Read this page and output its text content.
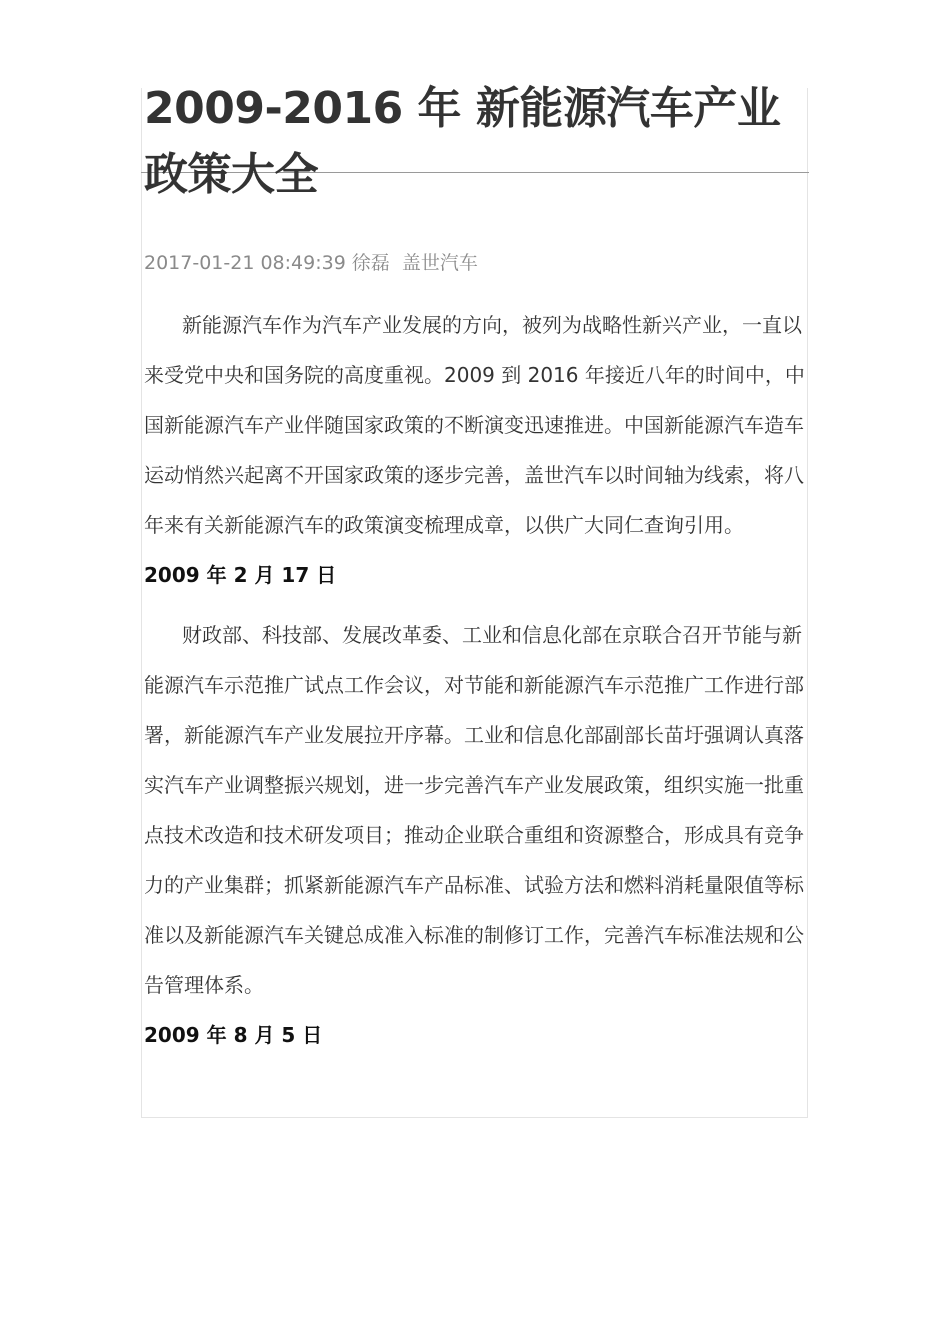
2009-2016 年 新能源汽车产业政策大全
2017-01-21 08:49:39 徐磊 盖世汽车

新能源汽车作为汽车产业发展的方向，被列为战略性新兴产业，一直以来受党中央和国务院的高度重视。2009 到 2016 年接近八年的时间中，中国新能源汽车产业伴随国家政策的不断演变迅速推进。中国新能源汽车造车运动悄然兴起离不开国家政策的逐步完善，盖世汽车以时间轴为线索，将八年来有关新能源汽车的政策演变梳理成章，以供广大同仁查询引用。

2009 年 2 月 17 日

财政部、科技部、发展改革委、工业和信息化部在京联合召开节能与新能源汽车示范推广试点工作会议，对节能和新能源汽车示范推广工作进行部署，新能源汽车产业发展拉开序幕。工业和信息化部副部长苗圩强调认真落实汽车产业调整振兴规划，进一步完善汽车产业发展政策，组织实施一批重点技术改造和技术研发项目；推动企业联合重组和资源整合，形成具有竞争力的产业集群；抓紧新能源汽车产品标准、试验方法和燃料消耗量限值等标准以及新能源汽车关键总成准入标准的制修订工作，完善汽车标准法规和公告管理体系。

2009 年 8 月 5 日
